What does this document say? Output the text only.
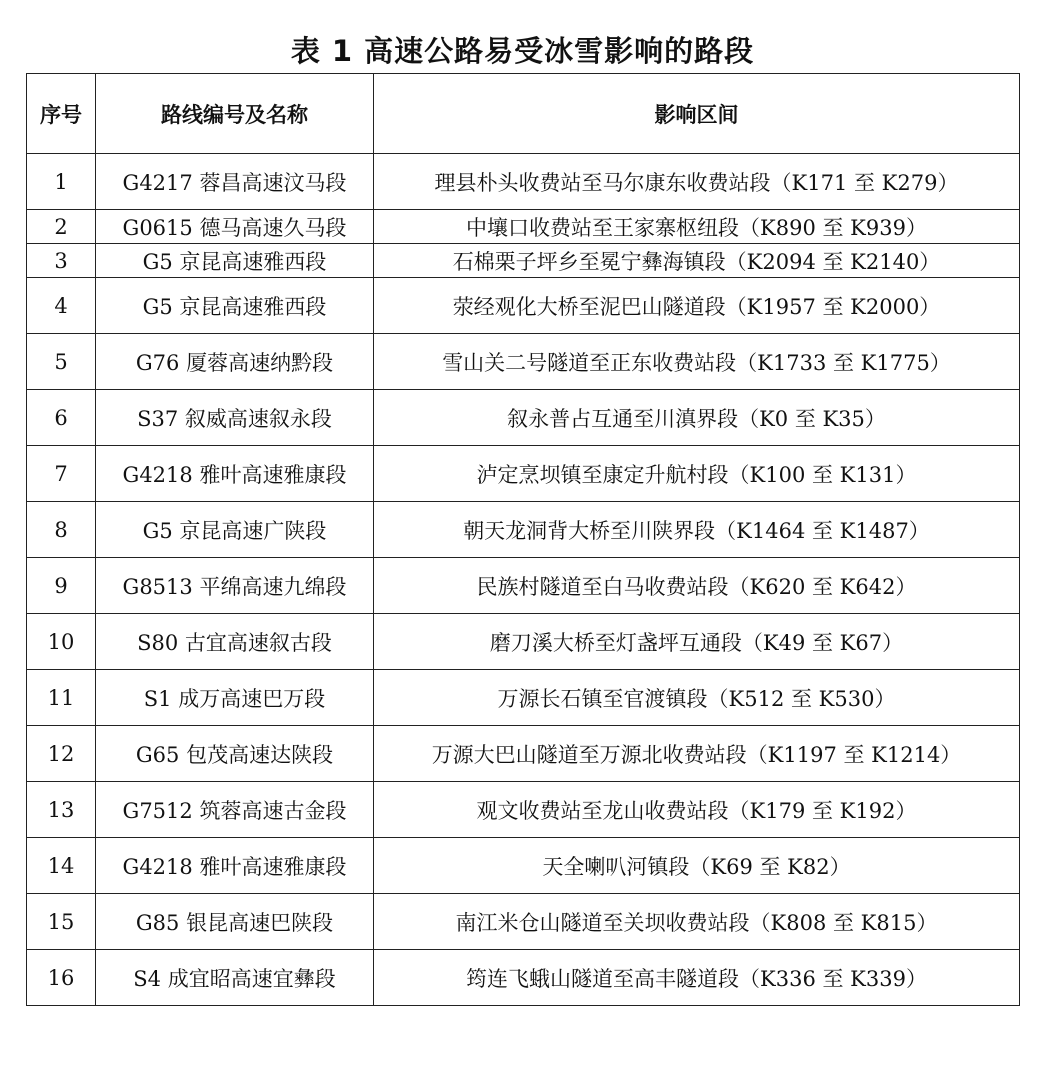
表 1 高速公路易受冰雪影响的路段
序号	路线编号及名称	影响区间
1	G4217 蓉昌高速汶马段	理县朴头收费站至马尔康东收费站段（K171 至 K279）
2	G0615 德马高速久马段	中壤口收费站至王家寨枢纽段（K890 至 K939）
3	G5 京昆高速雅西段	石棉栗子坪乡至冕宁彝海镇段（K2094 至 K2140）
4	G5 京昆高速雅西段	荥经观化大桥至泥巴山隧道段（K1957 至 K2000）
5	G76 厦蓉高速纳黔段	雪山关二号隧道至正东收费站段（K1733 至 K1775）
6	S37 叙威高速叙永段	叙永普占互通至川滇界段（K0 至 K35）
7	G4218 雅叶高速雅康段	泸定烹坝镇至康定升航村段（K100 至 K131）
8	G5 京昆高速广陕段	朝天龙洞背大桥至川陕界段（K1464 至 K1487）
9	G8513 平绵高速九绵段	民族村隧道至白马收费站段（K620 至 K642）
10	S80 古宜高速叙古段	磨刀溪大桥至灯盏坪互通段（K49 至 K67）
11	S1 成万高速巴万段	万源长石镇至官渡镇段（K512 至 K530）
12	G65 包茂高速达陕段	万源大巴山隧道至万源北收费站段（K1197 至 K1214）
13	G7512 筑蓉高速古金段	观文收费站至龙山收费站段（K179 至 K192）
14	G4218 雅叶高速雅康段	天全喇叭河镇段（K69 至 K82）
15	G85 银昆高速巴陕段	南江米仓山隧道至关坝收费站段（K808 至 K815）
16	S4 成宜昭高速宜彝段	筠连飞蛾山隧道至高丰隧道段（K336 至 K339）
